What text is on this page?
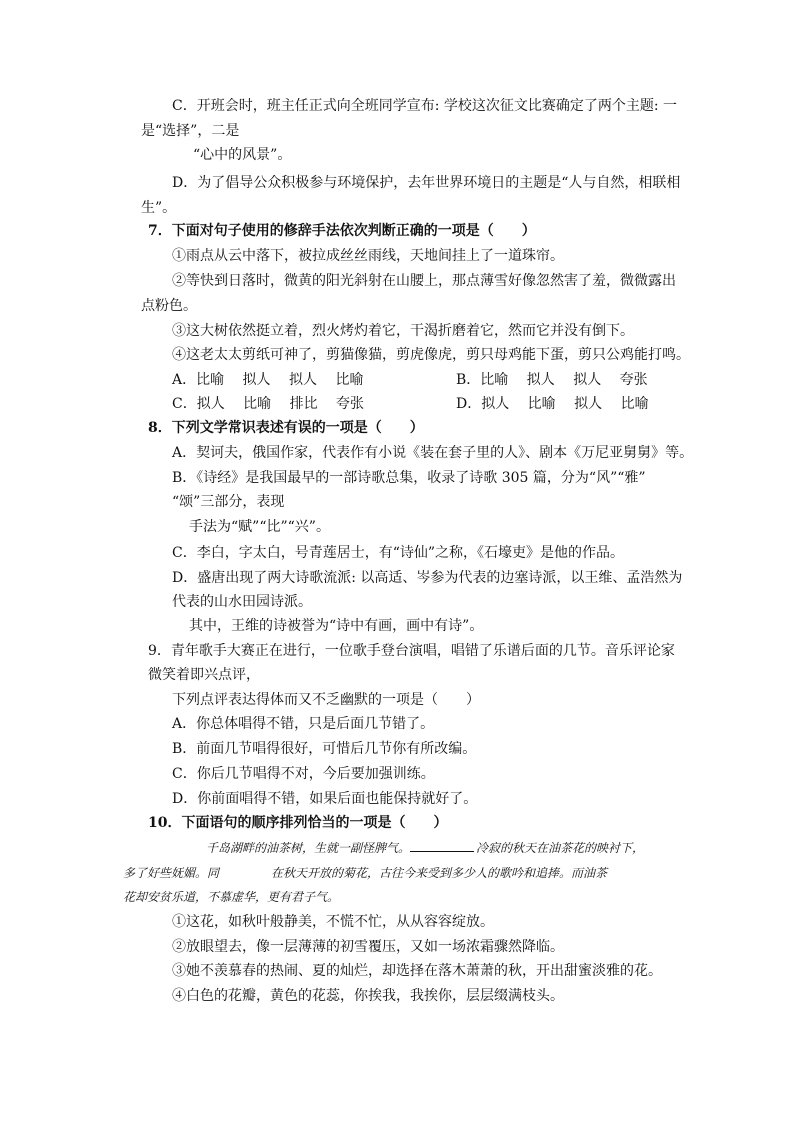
C．开班会时，班主任正式向全班同学宣布: 学校这次征文比赛确定了两个主题: 一
是“选择”，二是
“心中的风景”。
D．为了倡导公众积极参与环境保护，去年世界环境日的主题是“人与自然，相联相
生”。
7．下面对句子使用的修辞手法依次判断正确的一项是（　　）
①雨点从云中落下，被拉成丝丝雨线，天地间挂上了一道珠帘。
②等快到日落时，微黄的阳光斜射在山腰上，那点薄雪好像忽然害了羞，微微露出
点粉色。
③这大树依然挺立着，烈火烤灼着它，干渴折磨着它，然而它并没有倒下。
④这老太太剪纸可神了，剪猫像猫，剪虎像虎，剪只母鸡能下蛋，剪只公鸡能打鸣。
A．比喻　 拟人　 拟人　 比喻	B．比喻　 拟人　 拟人　 夸张
C．拟人　 比喻　 排比　 夸张	D．拟人　 比喻　 拟人　 比喻
8．下列文学常识表述有误的一项是（　　）
A．契诃夫，俄国作家，代表作有小说《装在套子里的人》、剧本《万尼亚舅舅》等。
B．《诗经》是我国最早的一部诗歌总集，收录了诗歌 305 篇，分为“风”“雅”
“颂”三部分，表现
手法为“赋”“比”“兴”。
C．李白，字太白，号青莲居士，有“诗仙”之称，《石壕吏》是他的作品。
D．盛唐出现了两大诗歌流派: 以高适、岑参为代表的边塞诗派，以王维、孟浩然为
代表的山水田园诗派。
其中，王维的诗被誉为“诗中有画，画中有诗”。
9．青年歌手大赛正在进行，一位歌手登台演唱，唱错了乐谱后面的几节。音乐评论家
微笑着即兴点评，
下列点评表达得体而又不乏幽默的一项是（　　）
A．你总体唱得不错，只是后面几节错了。
B．前面几节唱得很好，可惜后几节你有所改编。
C．你后几节唱得不对，今后要加强训练。
D．你前面唱得不错，如果后面也能保持就好了。
10．下面语句的顺序排列恰当的一项是（　　）
千岛湖畔的油茶树，生就一副怪脾气。	冷寂的秋天在油茶花的映衬下，
多了好些妩媚。同	在秋天开放的菊花，古往今来受到多少人的歌吟和追捧。而油茶
花却安贫乐道，不慕虚华，更有君子气。
①这花，如秋叶般静美，不慌不忙，从从容容绽放。
②放眼望去，像一层薄薄的初雪覆压，又如一场浓霜骤然降临。
③她不羡慕春的热闹、夏的灿烂，却选择在落木萧萧的秋，开出甜蜜淡雅的花。
④白色的花瓣，黄色的花蕊，你挨我，我挨你，层层缀满枝头。
